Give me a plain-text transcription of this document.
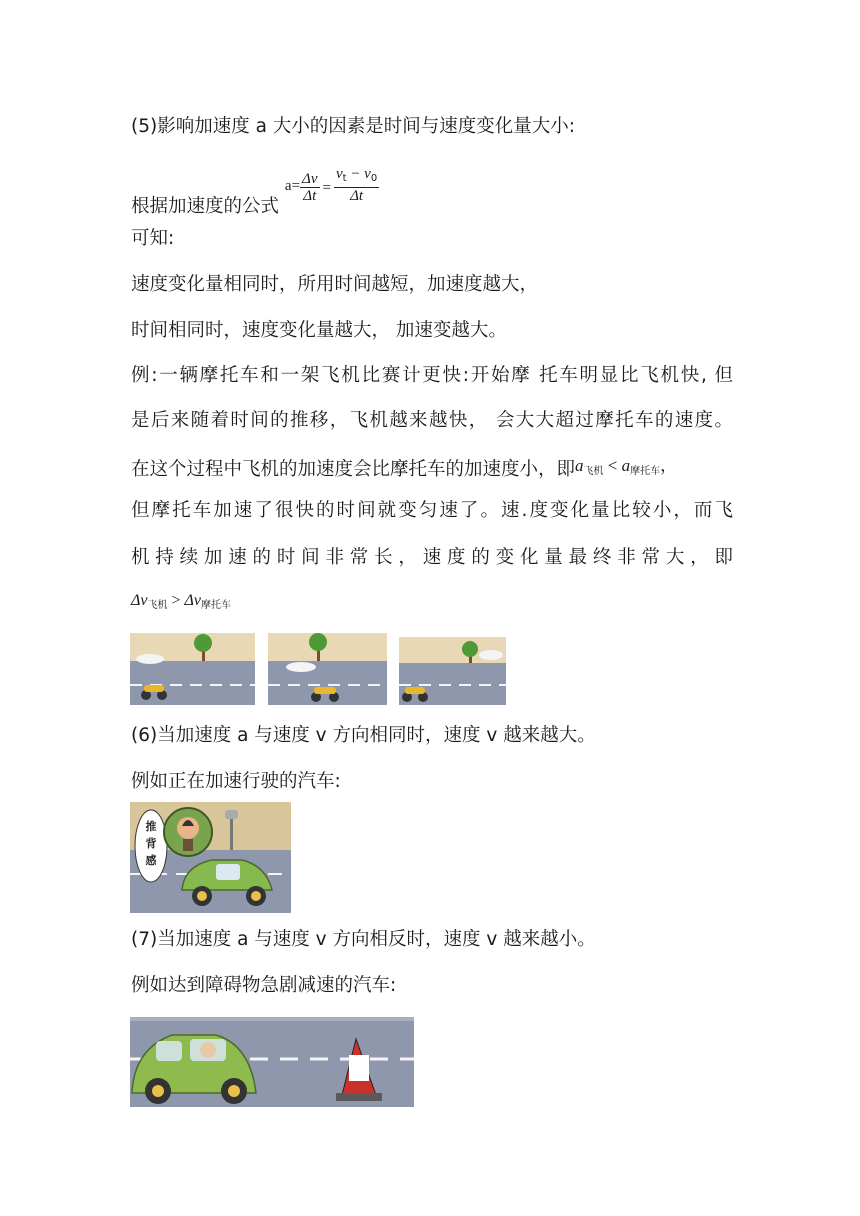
(5)影响加速度 a 大小的因素是时间与速度变化量大小:
根据加速度的公式 $^{a=} \frac{\Delta v}{\Delta t} ^= \frac{v_t - v_0}{\Delta t}$
可知:
速度变化量相同时，所用时间越短，加速度越大，
时间相同时，速度变化量越大， 加速变越大。
例:一辆摩托车和一架飞机比赛计更快:开始摩 托车明显比飞机快, 但
是后来随着时间的推移，飞机越来越快， 会大大超过摩托车的速度。
在这个过程中飞机的加速度会比摩托车的加速度小，即$a_{飞机} < a_{摩托车}$，
但摩托车加速了很快的时间就变匀速了。速.度变化量比较小，而飞
机持续加速的时间非常长，速度的变化量最终非常大，即
$\Delta v_{飞机} > \Delta v_{摩托车}$
(6)当加速度 a 与速度 v 方向相同时，速度 v 越来越大。
例如正在加速行驶的汽车:
推
背
感
(7)当加速度 a 与速度 v 方向相反时，速度 v 越来越小。
例如达到障碍物急剧减速的汽车:
